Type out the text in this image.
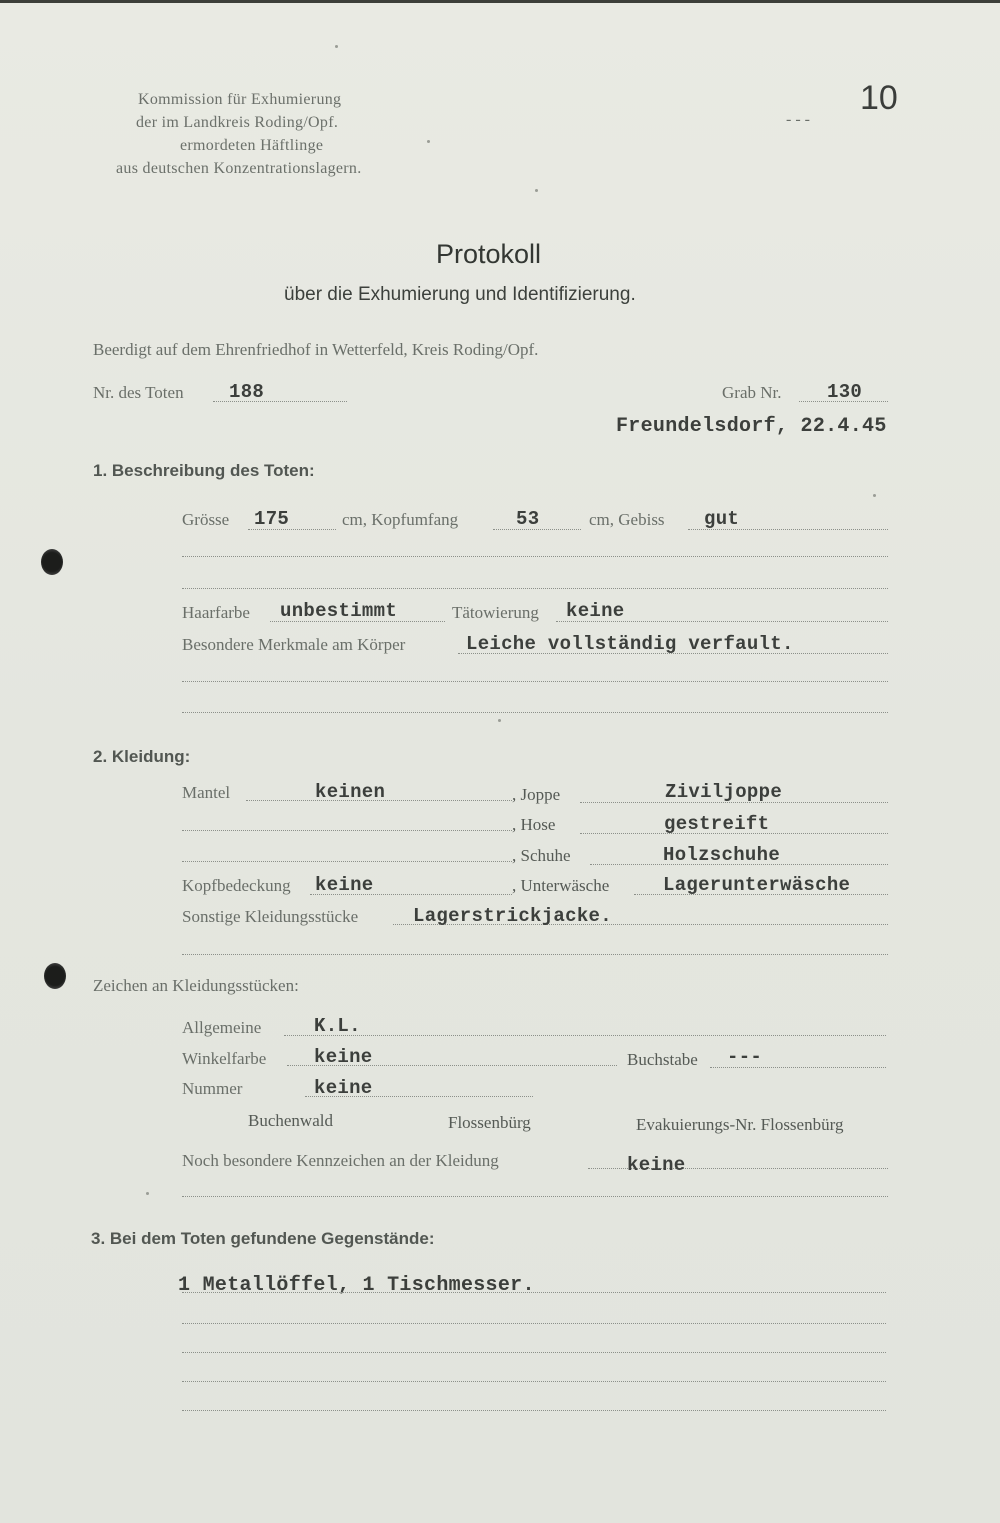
Kommission für Exhumierung
der im Landkreis Roding/Opf.
ermordeten Häftlinge
aus deutschen Konzentrationslagern.
10
- - -
Protokoll
über die Exhumierung und Identifizierung.
Beerdigt auf dem Ehrenfriedhof in Wetterfeld, Kreis Roding/Opf.
Nr. des Toten 188	Grab Nr. 130
Freundelsdorf, 22.4.45
1. Beschreibung des Toten:
Grösse 175	cm, Kopfumfang	53	cm, Gebiss gut
Haarfarbe unbestimmt	Tätowierung keine
Besondere Merkmale am Körper	Leiche vollständig verfault.
2. Kleidung:
Mantel	keinen	, Joppe	Ziviljoppe
, Hose	gestreift
, Schuhe	Holzschuhe
Kopfbedeckung keine	, Unterwäsche	Lagerunterwäsche
Sonstige Kleidungsstücke	Lagerstrickjacke.
Zeichen an Kleidungsstücken:
Allgemeine	K.L.
Winkelfarbe	keine	Buchstabe ---
Nummer	keine
Buchenwald	Flossenbürg	Evakuierungs-Nr. Flossenbürg
Noch besondere Kennzeichen an der Kleidung	keine
3. Bei dem Toten gefundene Gegenstände:
1 Metallöffel, 1 Tischmesser.
